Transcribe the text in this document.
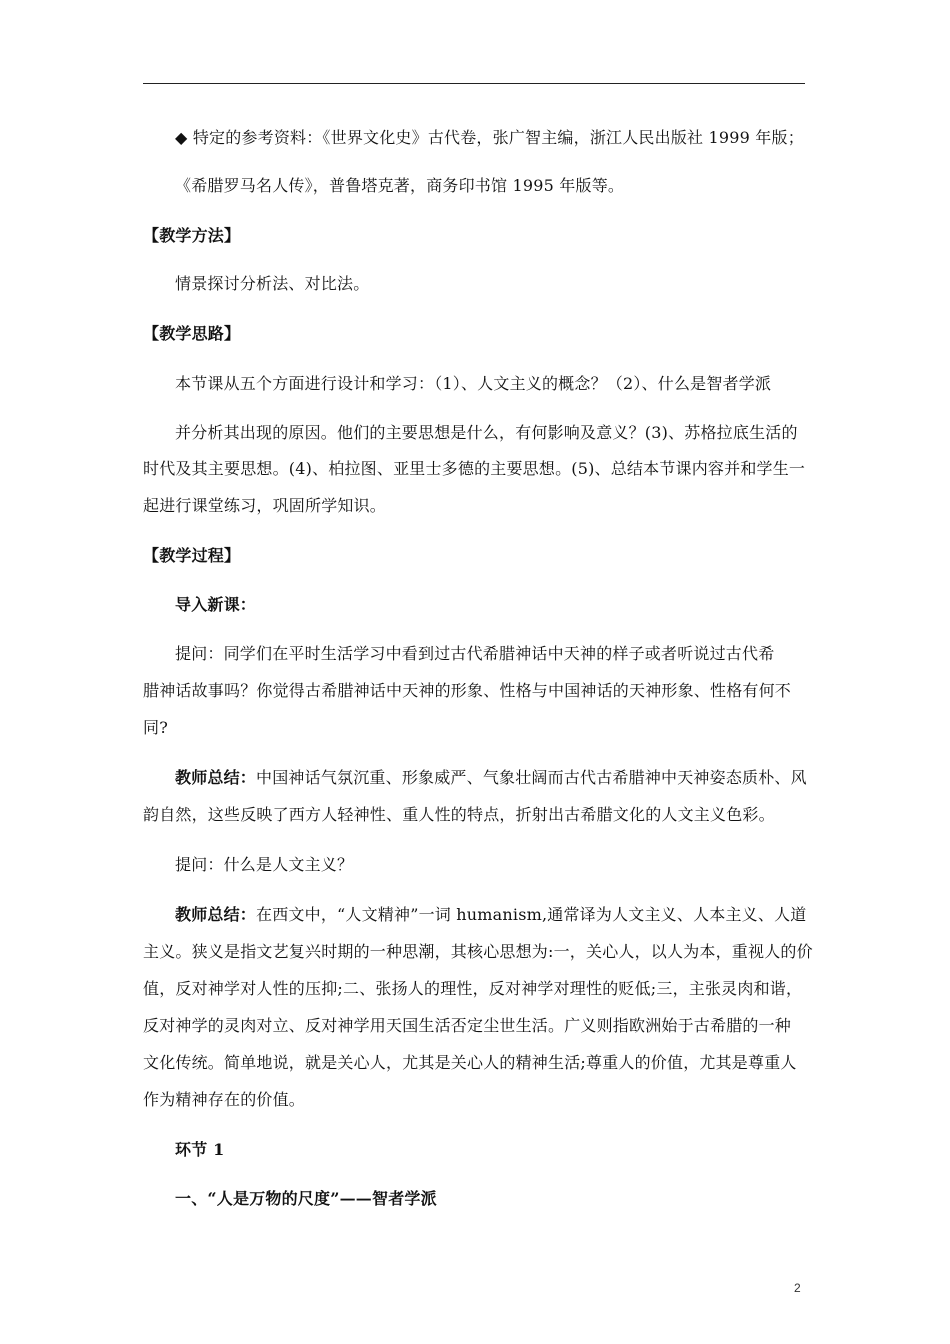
◆ 特定的参考资料：《世界文化史》古代卷，张广智主编，浙江人民出版社 1999 年版；
《希腊罗马名人传》，普鲁塔克著，商务印书馆 1995 年版等。
【教学方法】
情景探讨分析法、对比法。
【教学思路】
本节课从五个方面进行设计和学习：（1）、人文主义的概念？（2）、什么是智者学派
并分析其出现的原因。他们的主要思想是什么，有何影响及意义？(3)、苏格拉底生活的
时代及其主要思想。(4)、柏拉图、亚里士多德的主要思想。(5)、总结本节课内容并和学生一
起进行课堂练习，巩固所学知识。
【教学过程】
导入新课：
提问：同学们在平时生活学习中看到过古代希腊神话中天神的样子或者听说过古代希
腊神话故事吗？你觉得古希腊神话中天神的形象、性格与中国神话的天神形象、性格有何不
同?
教师总结：中国神话气氛沉重、形象威严、气象壮阔而古代古希腊神中天神姿态质朴、风
韵自然，这些反映了西方人轻神性、重人性的特点，折射出古希腊文化的人文主义色彩。
提问：什么是人文主义？
教师总结：在西文中，“人文精神”一词 humanism,通常译为人文主义、人本主义、人道
主义。狭义是指文艺复兴时期的一种思潮，其核心思想为:一，关心人，以人为本，重视人的价
值，反对神学对人性的压抑;二、张扬人的理性，反对神学对理性的贬低;三，主张灵肉和谐，
反对神学的灵肉对立、反对神学用天国生活否定尘世生活。广义则指欧洲始于古希腊的一种
文化传统。简单地说，就是关心人，尤其是关心人的精神生活;尊重人的价值，尤其是尊重人
作为精神存在的价值。
环节 1
一、“人是万物的尺度”——智者学派
2
